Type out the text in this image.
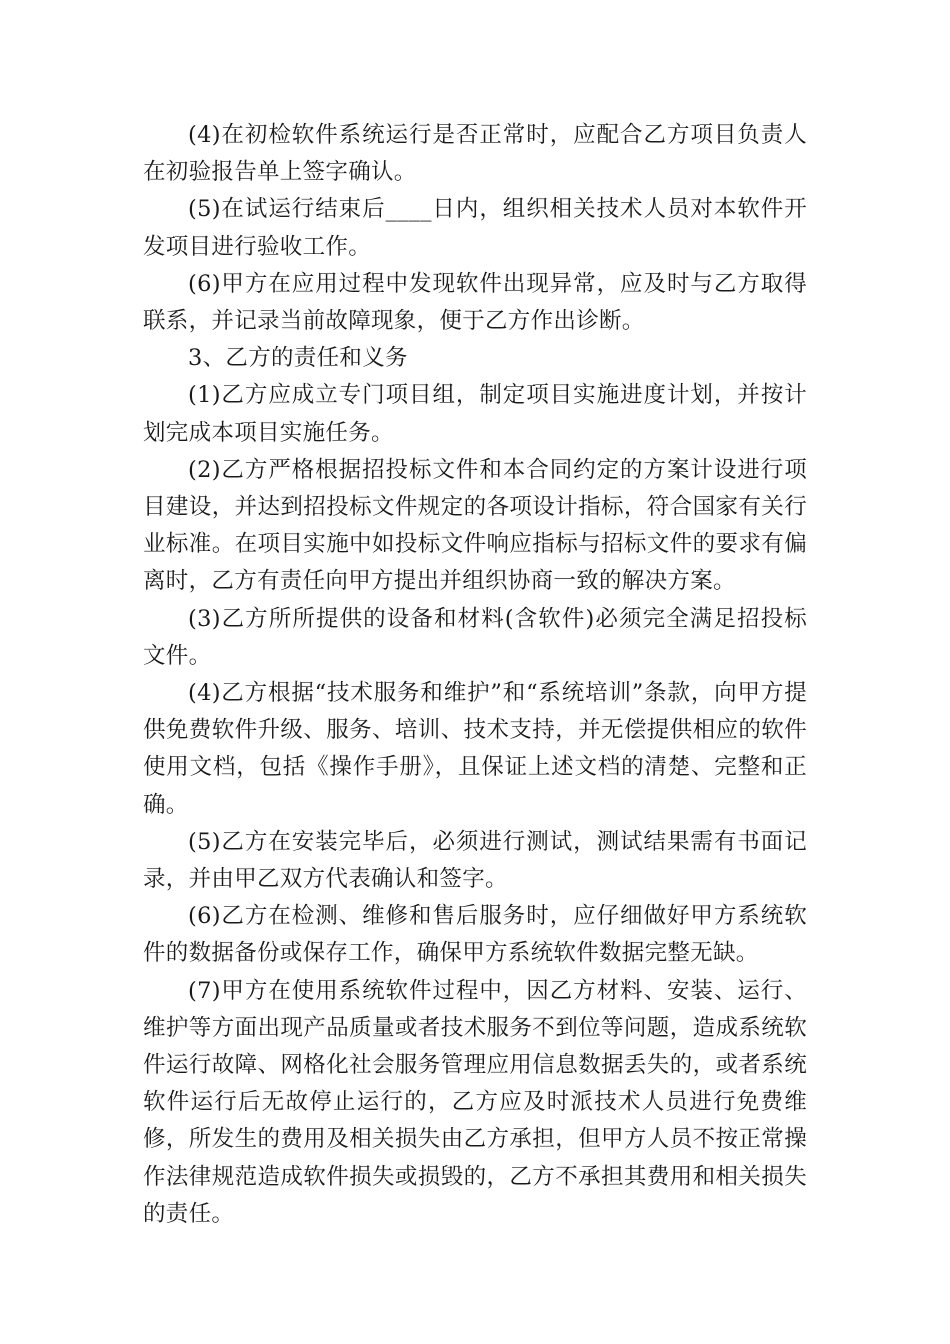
(4)在初检软件系统运行是否正常时，应配合乙方项目负责人在初验报告单上签字确认。

(5)在试运行结束后____日内，组织相关技术人员对本软件开发项目进行验收工作。

(6)甲方在应用过程中发现软件出现异常，应及时与乙方取得联系，并记录当前故障现象，便于乙方作出诊断。

3、乙方的责任和义务

(1)乙方应成立专门项目组，制定项目实施进度计划，并按计划完成本项目实施任务。

(2)乙方严格根据招投标文件和本合同约定的方案计设进行项目建设，并达到招投标文件规定的各项设计指标，符合国家有关行业标准。在项目实施中如投标文件响应指标与招标文件的要求有偏离时，乙方有责任向甲方提出并组织协商一致的解决方案。

(3)乙方所所提供的设备和材料(含软件)必须完全满足招投标文件。

(4)乙方根据“技术服务和维护”和“系统培训”条款，向甲方提供免费软件升级、服务、培训、技术支持，并无偿提供相应的软件使用文档，包括《操作手册》，且保证上述文档的清楚、完整和正确。

(5)乙方在安装完毕后，必须进行测试，测试结果需有书面记录，并由甲乙双方代表确认和签字。

(6)乙方在检测、维修和售后服务时，应仔细做好甲方系统软件的数据备份或保存工作，确保甲方系统软件数据完整无缺。

(7)甲方在使用系统软件过程中，因乙方材料、安装、运行、维护等方面出现产品质量或者技术服务不到位等问题，造成系统软件运行故障、网格化社会服务管理应用信息数据丢失的，或者系统软件运行后无故停止运行的，乙方应及时派技术人员进行免费维修，所发生的费用及相关损失由乙方承担，但甲方人员不按正常操作法律规范造成软件损失或损毁的，乙方不承担其费用和相关损失的责任。
